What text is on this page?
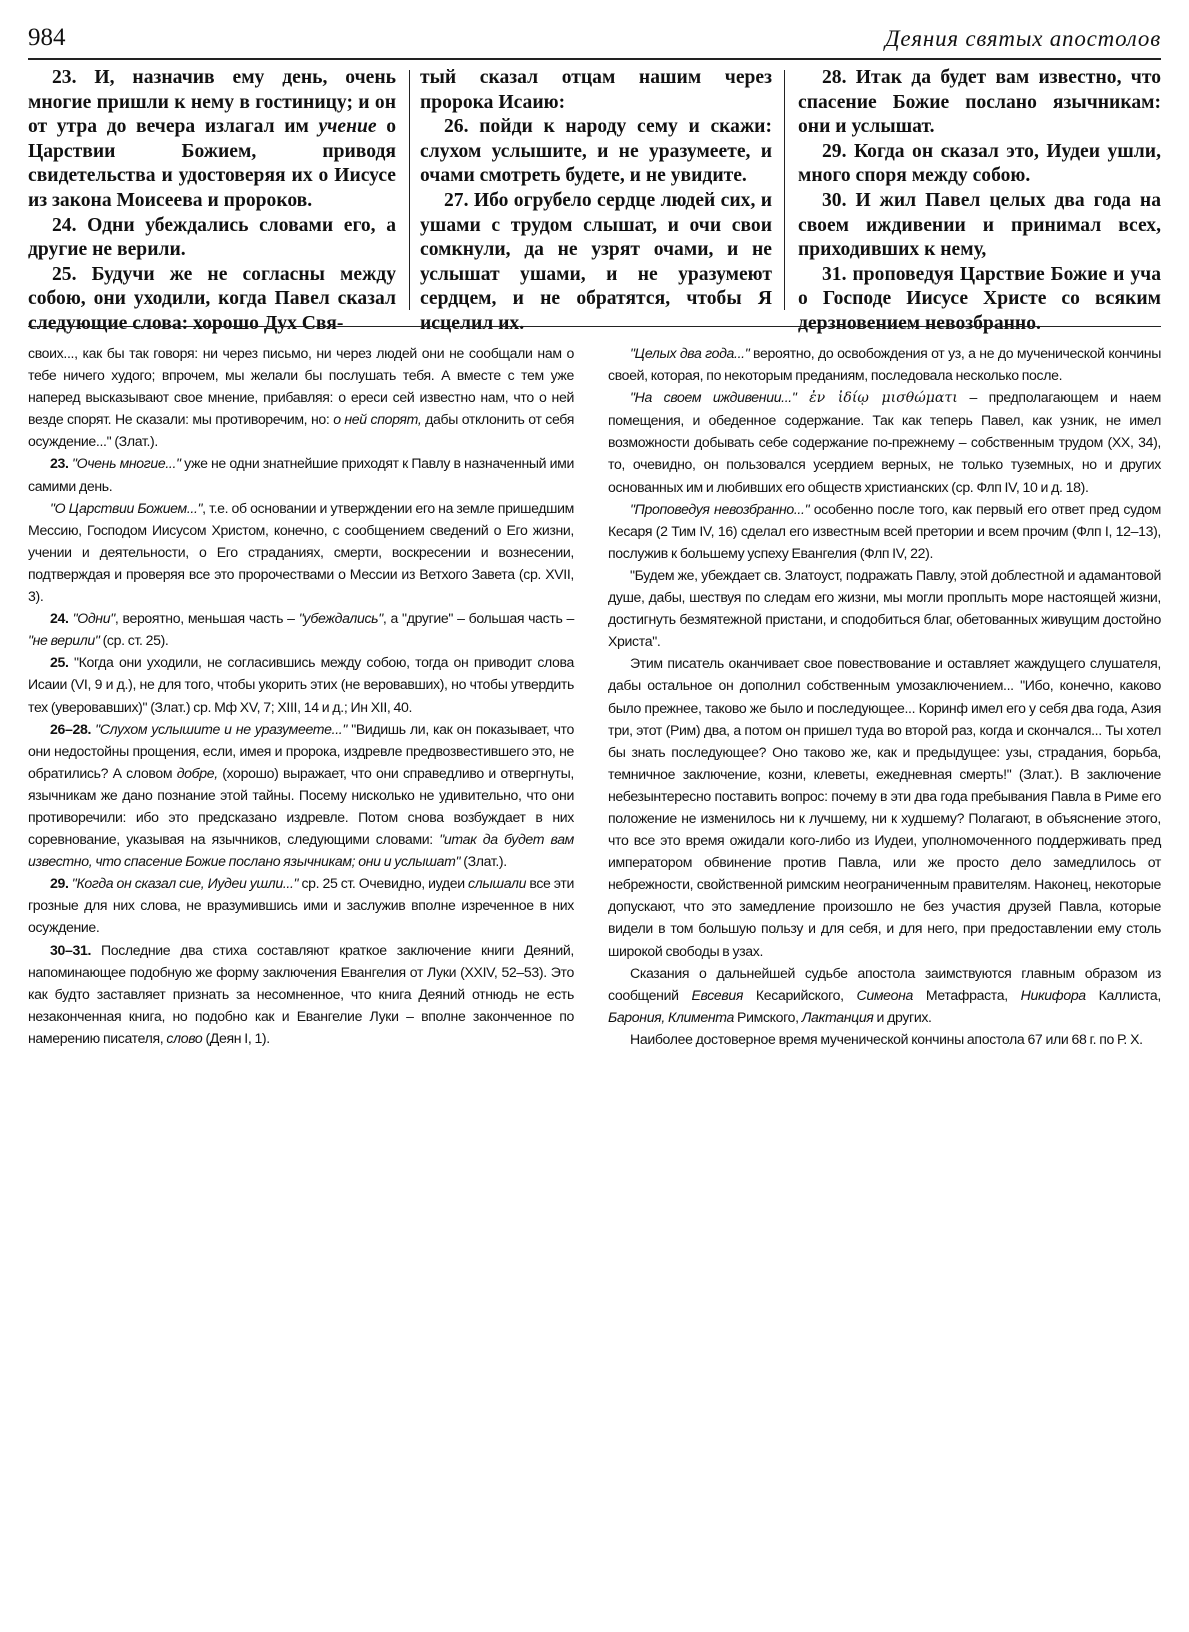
984	Деяния святых апостолов

23. И, назначив ему день, очень многие пришли к нему в гостиницу; и он от утра до вечера излагал им учение о Царствии Божием, приводя свидетельства и удостоверяя их о Иисусе из закона Моисеева и пророков.

24. Одни убеждались словами его, а другие не верили.

25. Будучи же не согласны между собою, они уходили, когда Павел сказал следующие слова: хорошо Дух Свя-

тый сказал отцам нашим через пророка Исаию:

26. пойди к народу сему и скажи: слухом услышите, и не уразумеете, и очами смотреть будете, и не увидите.

27. Ибо огрубело сердце людей сих, и ушами с трудом слышат, и очи свои сомкнули, да не узрят очами, и не услышат ушами, и не уразумеют сердцем, и не обратятся, чтобы Я исцелил их.

28. Итак да будет вам известно, что спасение Божие послано язычникам: они и услышат.

29. Когда он сказал это, Иудеи ушли, много споря между собою.

30. И жил Павел целых два года на своем иждивении и принимал всех, приходивших к нему,

31. проповедуя Царствие Божие и уча о Господе Иисусе Христе со всяким дерзновением невозбранно.

своих..., как бы так говоря: ни через письмо, ни через людей они не сообщали нам о тебе ничего худого; впрочем, мы желали бы послушать тебя. А вместе с тем уже наперед высказывают свое мнение, прибавляя: о ереси сей известно нам, что о ней везде спорят. Не сказали: мы противоречим, но: о ней спорят, дабы отклонить от себя осуждение..." (Злат.).

23. "Очень многие..." уже не одни знатнейшие приходят к Павлу в назначенный ими самими день.

"О Царствии Божием...", т.е. об основании и утверждении его на земле пришедшим Мессию, Господом Иисусом Христом, конечно, с сообщением сведений о Его жизни, учении и деятельности, о Его страданиях, смерти, воскресении и вознесении, подтверждая и проверяя все это пророчествами о Мессии из Ветхого Завета (ср. XVII, 3).

24. "Одни", вероятно, меньшая часть – "убеждались", а "другие" – большая часть – "не верили" (ср. ст. 25).

25. "Когда они уходили, не согласившись между собою, тогда он приводит слова Исаии (VI, 9 и д.), не для того, чтобы укорить этих (не веровавших), но чтобы утвердить тех (уверовавших)" (Злат.) ср. Мф XV, 7; XIII, 14 и д.; Ин XII, 40.

26–28. "Слухом услышите и не уразумеете..." "Видишь ли, как он показывает, что они недостойны прощения, если, имея и пророка, издревле предвозвестившего это, не обратились? А словом добре, (хорошо) выражает, что они справедливо и отвергнуты, язычникам же дано познание этой тайны. Посему нисколько не удивительно, что они противоречили: ибо это предсказано издревле. Потом снова возбуждает в них соревнование, указывая на язычников, следующими словами: "итак да будет вам известно, что спасение Божие послано язычникам; они и услышат" (Злат.).

29. "Когда он сказал сие, Иудеи ушли..." ср. 25 ст. Очевидно, иудеи слышали все эти грозные для них слова, не вразумившись ими и заслужив вполне изреченное в них осуждение.

30–31. Последние два стиха составляют краткое заключение книги Деяний, напоминающее подобную же форму заключения Евангелия от Луки (XXIV, 52–53). Это как будто заставляет признать за несомненное, что книга Деяний отнюдь не есть незаконченная книга, но подобно как и Евангелие Луки – вполне законченное по намерению писателя, слово (Деян I, 1).

"Целых два года..." вероятно, до освобождения от уз, а не до мученической кончины своей, которая, по некоторым преданиям, последовала несколько после.

"На своем иждивении..." ἐν ἰδίῳ μισθώματι – предполагающем и наем помещения, и обеденное содержание. Так как теперь Павел, как узник, не имел возможности добывать себе содержание по-прежнему – собственным трудом (XX, 34), то, очевидно, он пользовался усердием верных, не только туземных, но и других основанных им и любивших его обществ христианских (ср. Флп IV, 10 и д. 18).

"Проповедуя невозбранно..." особенно после того, как первый его ответ пред судом Кесаря (2 Тим IV, 16) сделал его известным всей претории и всем прочим (Флп I, 12–13), послужив к большему успеху Евангелия (Флп IV, 22).

"Будем же, убеждает св. Златоуст, подражать Павлу, этой доблестной и адамантовой душе, дабы, шествуя по следам его жизни, мы могли проплыть море настоящей жизни, достигнуть безмятежной пристани, и сподобиться благ, обетованных живущим достойно Христа".

Этим писатель оканчивает свое повествование и оставляет жаждущего слушателя, дабы остальное он дополнил собственным умозаключением... "Ибо, конечно, каково было прежнее, таково же было и последующее... Коринф имел его у себя два года, Азия три, этот (Рим) два, а потом он пришел туда во второй раз, когда и скончался... Ты хотел бы знать последующее? Оно таково же, как и предыдущее: узы, страдания, борьба, темничное заключение, козни, клеветы, ежедневная смерть!" (Злат.). В заключение небезынтересно поставить вопрос: почему в эти два года пребывания Павла в Риме его положение не изменилось ни к лучшему, ни к худшему? Полагают, в объяснение этого, что все это время ожидали кого-либо из Иудеи, уполномоченного поддерживать пред императором обвинение против Павла, или же просто дело замедлилось от небрежности, свойственной римским неограниченным правителям. Наконец, некоторые допускают, что это замедление произошло не без участия друзей Павла, которые видели в том большую пользу и для себя, и для него, при предоставлении ему столь широкой свободы в узах.

Сказания о дальнейшей судьбе апостола заимствуются главным образом из сообщений Евсевия Кесарийского, Симеона Метафраста, Никифора Каллиста, Барония, Климента Римского, Лактанция и других.

Наиболее достоверное время мученической кончины апостола 67 или 68 г. по Р. Х.
